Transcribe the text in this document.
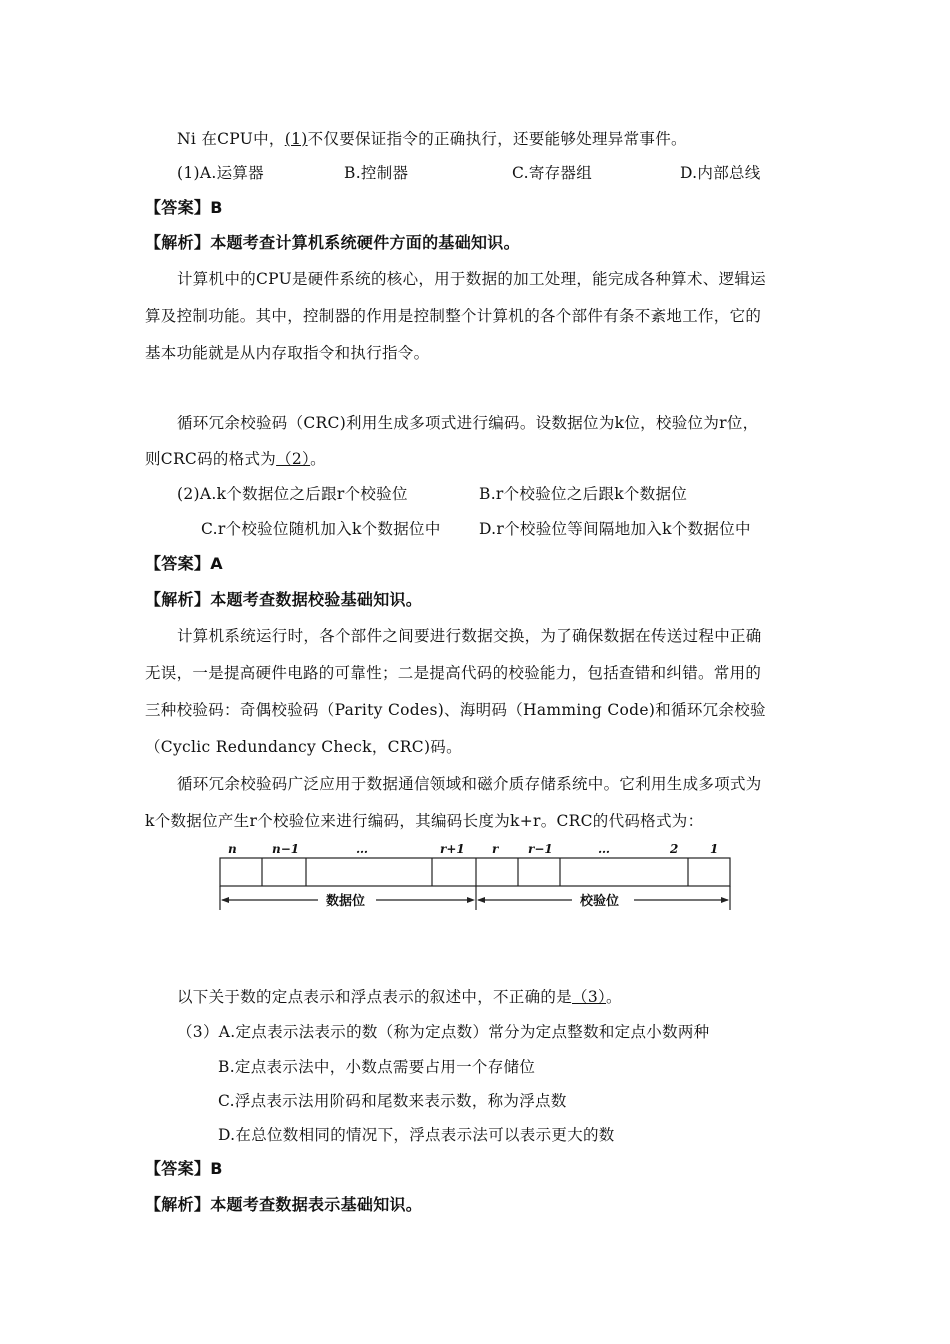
Ni 在CPU中，(1)不仅要保证指令的正确执行，还要能够处理异常事件。
(1)A.运算器	B.控制器	C.寄存器组	D.内部总线
【答案】B
【解析】本题考查计算机系统硬件方面的基础知识。
计算机中的CPU是硬件系统的核心，用于数据的加工处理，能完成各种算术、逻辑运
算及控制功能。其中，控制器的作用是控制整个计算机的各个部件有条不紊地工作，它的
基本功能就是从内存取指令和执行指令。
循环冗余校验码（CRC)利用生成多项式进行编码。设数据位为k位，校验位为r位，
则CRC码的格式为（2）。
(2)A.k个数据位之后跟r个校验位	B.r个校验位之后跟k个数据位
C.r个校验位随机加入k个数据位中 D.r个校验位等间隔地加入k个数据位中
【答案】A
【解析】本题考查数据校验基础知识。
计算机系统运行时，各个部件之间要进行数据交换，为了确保数据在传送过程中正确
无误，一是提高硬件电路的可靠性；二是提高代码的校验能力，包括查错和纠错。常用的
三种校验码：奇偶校验码（Parity Codes)、海明码（Hamming Code)和循环冗余校验
（Cyclic Redundancy Check，CRC)码。
循环冗余校验码广泛应用于数据通信领域和磁介质存储系统中。它利用生成多项式为
k个数据位产生r个校验位来进行编码，其编码长度为k+r。CRC的代码格式为：
n	n−1	…	r+1 r r−1	…	2	1
数据位	校验位
以下关于数的定点表示和浮点表示的叙述中，不正确的是（3）。
（3）A.定点表示法表示的数（称为定点数）常分为定点整数和定点小数两种
B.定点表示法中，小数点需要占用一个存储位
C.浮点表示法用阶码和尾数来表示数，称为浮点数
D.在总位数相同的情况下，浮点表示法可以表示更大的数
【答案】B
【解析】本题考查数据表示基础知识。
